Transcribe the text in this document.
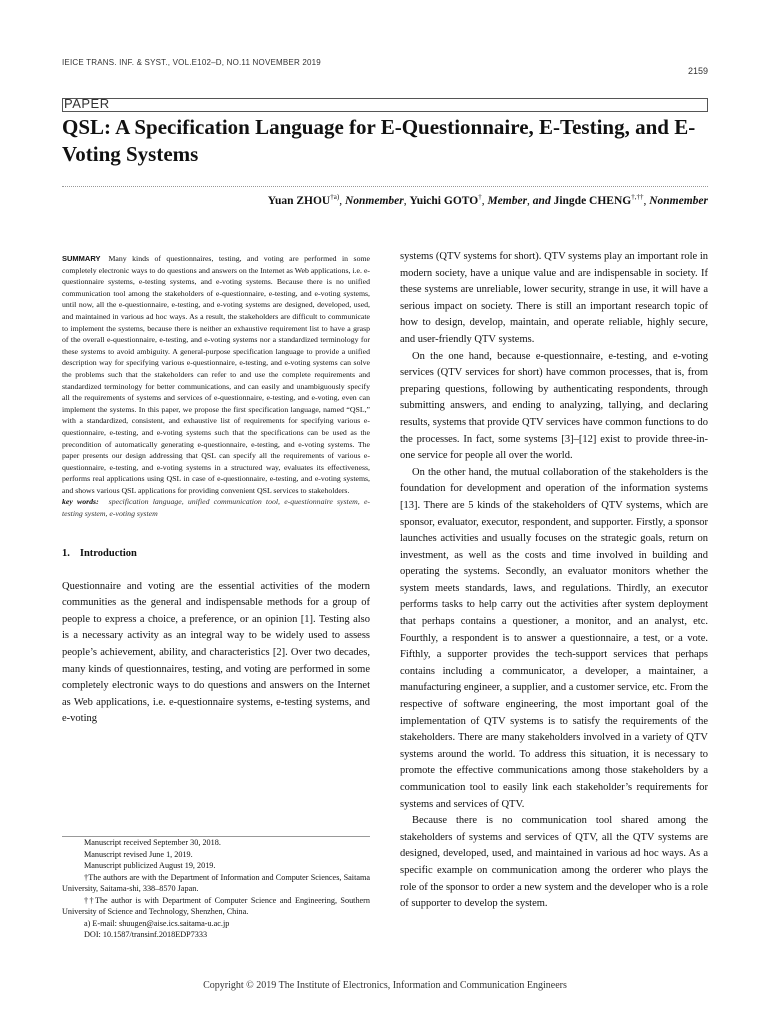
IEICE TRANS. INF. & SYST., VOL.E102–D, NO.11 NOVEMBER 2019
2159
PAPER
QSL: A Specification Language for E-Questionnaire, E-Testing, and E-Voting Systems
Yuan ZHOU$^{\dagger a)}$, Nonmember, Yuichi GOTO†, Member, and Jingde CHENG†,††, Nonmember

SUMMARY Many kinds of questionnaires, testing, and voting are performed in some completely electronic ways to do questions and answers on the Internet as Web applications, i.e. e-questionnaire systems, e-testing systems, and e-voting systems. Because there is no unified communication tool among the stakeholders of e-questionnaire, e-testing, and e-voting systems, until now, all the e-questionnaire, e-testing, and e-voting systems are designed, developed, used, and maintained in various ad hoc ways. As a result, the stakeholders are difficult to communicate to implement the systems, because there is neither an exhaustive requirement list to have a grasp of the overall e-questionnaire, e-testing, and e-voting systems nor a standardized terminology for these systems to avoid ambiguity. A general-purpose specification language to provide a unified description way for specifying various e-questionnaire, e-testing, and e-voting systems can solve the problems such that the stakeholders can refer to and use the complete requirements and standardized terminology for better communications, and can easily and unambiguously specify all the requirements of systems and services of e-questionnaire, e-testing, and e-voting, even can implement the systems. In this paper, we propose the first specification language, named “QSL,” with a standardized, consistent, and exhaustive list of requirements for specifying various e-questionnaire, e-testing, and e-voting systems such that the specifications can be used as the precondition of automatically generating e-questionnaire, e-testing, and e-voting systems. The paper presents our design addressing that QSL can specify all the requirements of various e-questionnaire, e-testing, and e-voting systems in a structured way, evaluates its effectiveness, performs real applications using QSL in case of e-questionnaire, e-testing, and e-voting systems, and shows various QSL applications for providing convenient QSL services to stakeholders.

key words: specification language, unified communication tool, e-questionnaire system, e-testing system, e-voting system

1. Introduction

Questionnaire and voting are the essential activities of the modern communities as the general and indispensable methods for a group of people to express a choice, a preference, or an opinion [1]. Testing also is a necessary activity as an integral way to be widely used to assess people’s achievement, ability, and characteristics [2]. Over two decades, many kinds of questionnaires, testing, and voting are performed in some completely electronic ways to do questions and answers on the Internet as Web applications, i.e. e-questionnaire systems, e-testing systems, and e-voting

Manuscript received September 30, 2018.

Manuscript revised June 1, 2019.

Manuscript publicized August 19, 2019.

†The authors are with the Department of Information and Computer Sciences, Saitama University, Saitama-shi, 338–8570 Japan.

††The author is with Department of Computer Science and Engineering, Southern University of Science and Technology, Shenzhen, China.

a) E-mail: shuugen@aise.ics.saitama-u.ac.jp

DOI: 10.1587/transinf.2018EDP7333

systems (QTV systems for short). QTV systems play an important role in modern society, have a unique value and are indispensable in society. If these systems are unreliable, lower security, strange in use, it will have a serious impact on society. There is still an important research topic of how to design, develop, maintain, and operate reliable, highly secure, and user-friendly QTV systems.

On the one hand, because e-questionnaire, e-testing, and e-voting services (QTV services for short) have common processes, that is, from preparing questions, following by authenticating respondents, through submitting answers, and ending to analyzing, tallying, and declaring results, systems that provide QTV services have common functions to do the processes. In fact, some systems [3]–[12] exist to provide three-in-one service for people all over the world.

On the other hand, the mutual collaboration of the stakeholders is the foundation for development and operation of the information systems [13]. There are 5 kinds of the stakeholders of QTV systems, which are sponsor, evaluator, executor, respondent, and supporter. Firstly, a sponsor launches activities and usually focuses on the strategic goals, return on investment, as well as the costs and time involved in building and operating the systems. Secondly, an evaluator monitors whether the system meets standards, laws, and regulations. Thirdly, an executor performs tasks to help carry out the activities after system deployment that perhaps contains a questioner, a monitor, and an analyst, etc. Fourthly, a respondent is to answer a questionnaire, a test, or a vote. Fifthly, a supporter provides the tech-support services that perhaps contains including a communicator, a developer, a maintainer, a manufacturing engineer, a supplier, and a customer service, etc. From the respective of software engineering, the most important goal of the implementation of QTV systems is to satisfy the requirements of the stakeholders. There are many stakeholders involved in a variety of QTV systems around the world. To address this situation, it is necessary to promote the effective communications among those stakeholders by a communication tool to easily link each stakeholder’s requirements for systems and services of QTV.

Because there is no communication tool shared among the stakeholders of systems and services of QTV, all the QTV systems are designed, developed, used, and maintained in various ad hoc ways. As a specific example on communication among the orderer who plays the role of the sponsor to order a new system and the developer who is a role of supporter to develop the system.

Copyright © 2019 The Institute of Electronics, Information and Communication Engineers
